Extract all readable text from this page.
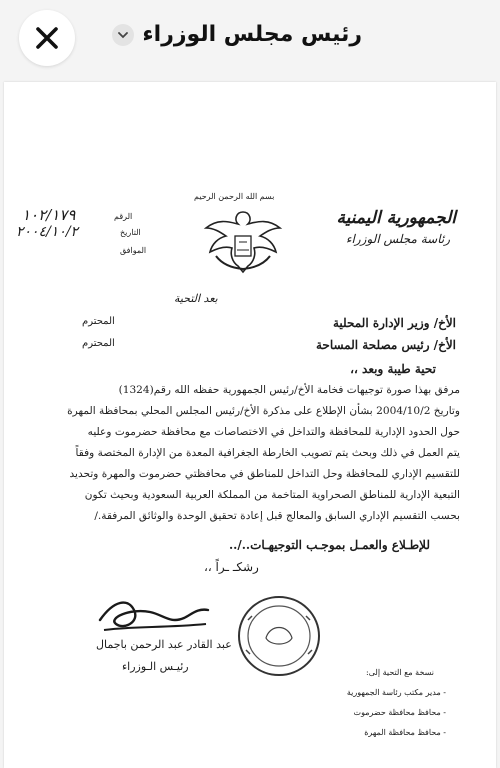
رئيس مجلس الوزراء
الجمهورية اليمنية
رئاسة مجلس الوزراء
بسم الله الرحمن الرحيم
الرقم
التاريخ
الموافق
١٠٢/١٧٩
٢٠٠٤/١٠/٢
بعد التحية
الأخ/ وزير الإدارة المحلية
المحترم
الأخ/ رئيس مصلحة المساحة
المحترم
تحية طيبة وبعد ،،
مرفق بهذا صورة توجيهات فخامة الأخ/رئيس الجمهورية حفظه الله رقم(1324)
وتاريخ 2004/10/2 بشأن الإطلاع على مذكرة الأخ/رئيس المجلس المحلي بمحافظة المهرة
حول الحدود الإدارية للمحافظة والتداخل في الاختصاصات مع محافظة حضرموت وعليه
يتم العمل في ذلك وبحث يتم تصويب الخارطة الجغرافية المعدة من الإدارة المختصة وفقاً
للتقسيم الإداري للمحافظة وحل التداخل للمناطق في محافظتي حضرموت والمهرة وتحديد
التبعية الإدارية للمناطق الصحراوية المتاخمة من المملكة العربية السعودية وبحيث تكون
بحسب التقسيم الإداري السابق والمعالج قبل إعادة تحقيق الوحدة والوثائق المرفقة./
للإطـلاع والعمـل بموجـب التوجيهـات../..
رشكـ ـراً ،،
عبد القادر عبد الرحمن باجمال
رئيـس الـوزراء	نسخة مع التحية إلى:
- مدير مكتب رئاسة الجمهورية
- محافظ محافظة حضرموت
- محافظ محافظة المهرة
